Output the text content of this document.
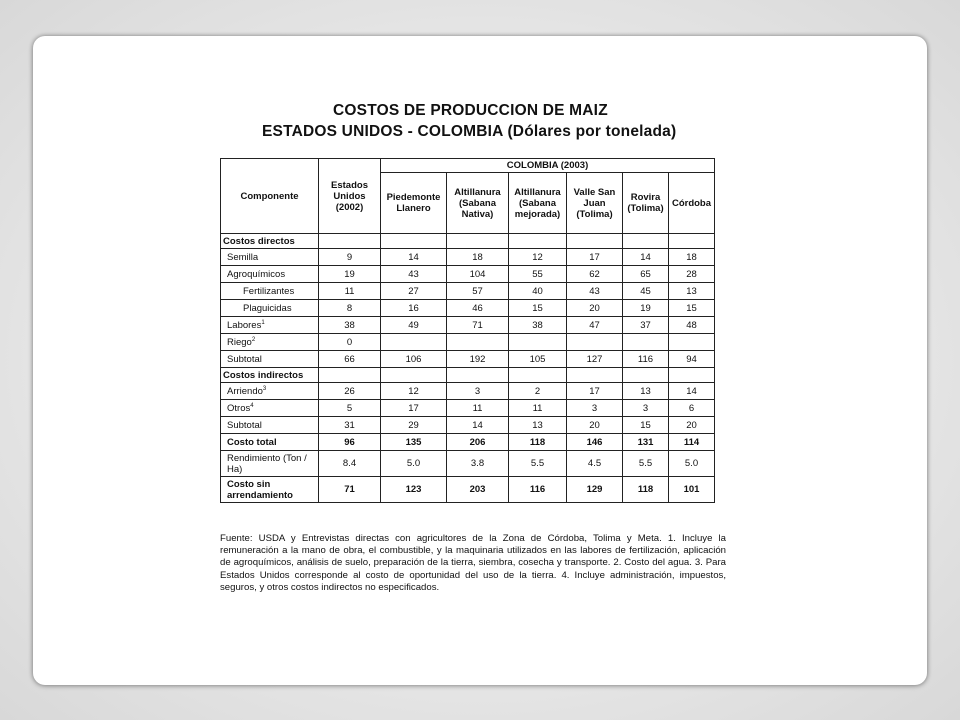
COSTOS DE PRODUCCION DE MAIZ
ESTADOS UNIDOS - COLOMBIA (Dólares por tonelada)
Componente	Estados Unidos (2002)	COLOMBIA (2003)					
		Piedemonte Llanero	Altillanura (Sabana Nativa)	Altillanura (Sabana mejorada)	Valle San Juan (Tolima)	Rovira (Tolima)	Córdoba
Costos directos							
Semilla	9	14	18	12	17	14	18
Agroquímicos	19	43	104	55	62	65	28
Fertilizantes	11	27	57	40	43	45	13
Plaguicidas	8	16	46	15	20	19	15
Labores$^1$	38	49	71	38	47	37	48
Riego$^2$	0						
Subtotal	66	106	192	105	127	116	94
Costos indirectos							
Arriendo$^3$	26	12	3	2	17	13	14
Otros$^4$	5	17	11	11	3	3	6
Subtotal	31	29	14	13	20	15	20
Costo total	96	135	206	118	146	131	114
Rendimiento (Ton / Ha)	8.4	5.0	3.8	5.5	4.5	5.5	5.0
Costo sin arrendamiento	71	123	203	116	129	118	101
Fuente: USDA y Entrevistas directas con agricultores de la Zona de Córdoba, Tolima y Meta. 1. Incluye la remuneración a la mano de obra, el combustible, y la maquinaria utilizados en las labores de fertilización, aplicación de agroquímicos, análisis de suelo, preparación de la tierra, siembra, cosecha y transporte. 2. Costo del agua. 3. Para Estados Unidos corresponde al costo de oportunidad del uso de la tierra. 4. Incluye administración, impuestos, seguros, y otros costos indirectos no especificados.
